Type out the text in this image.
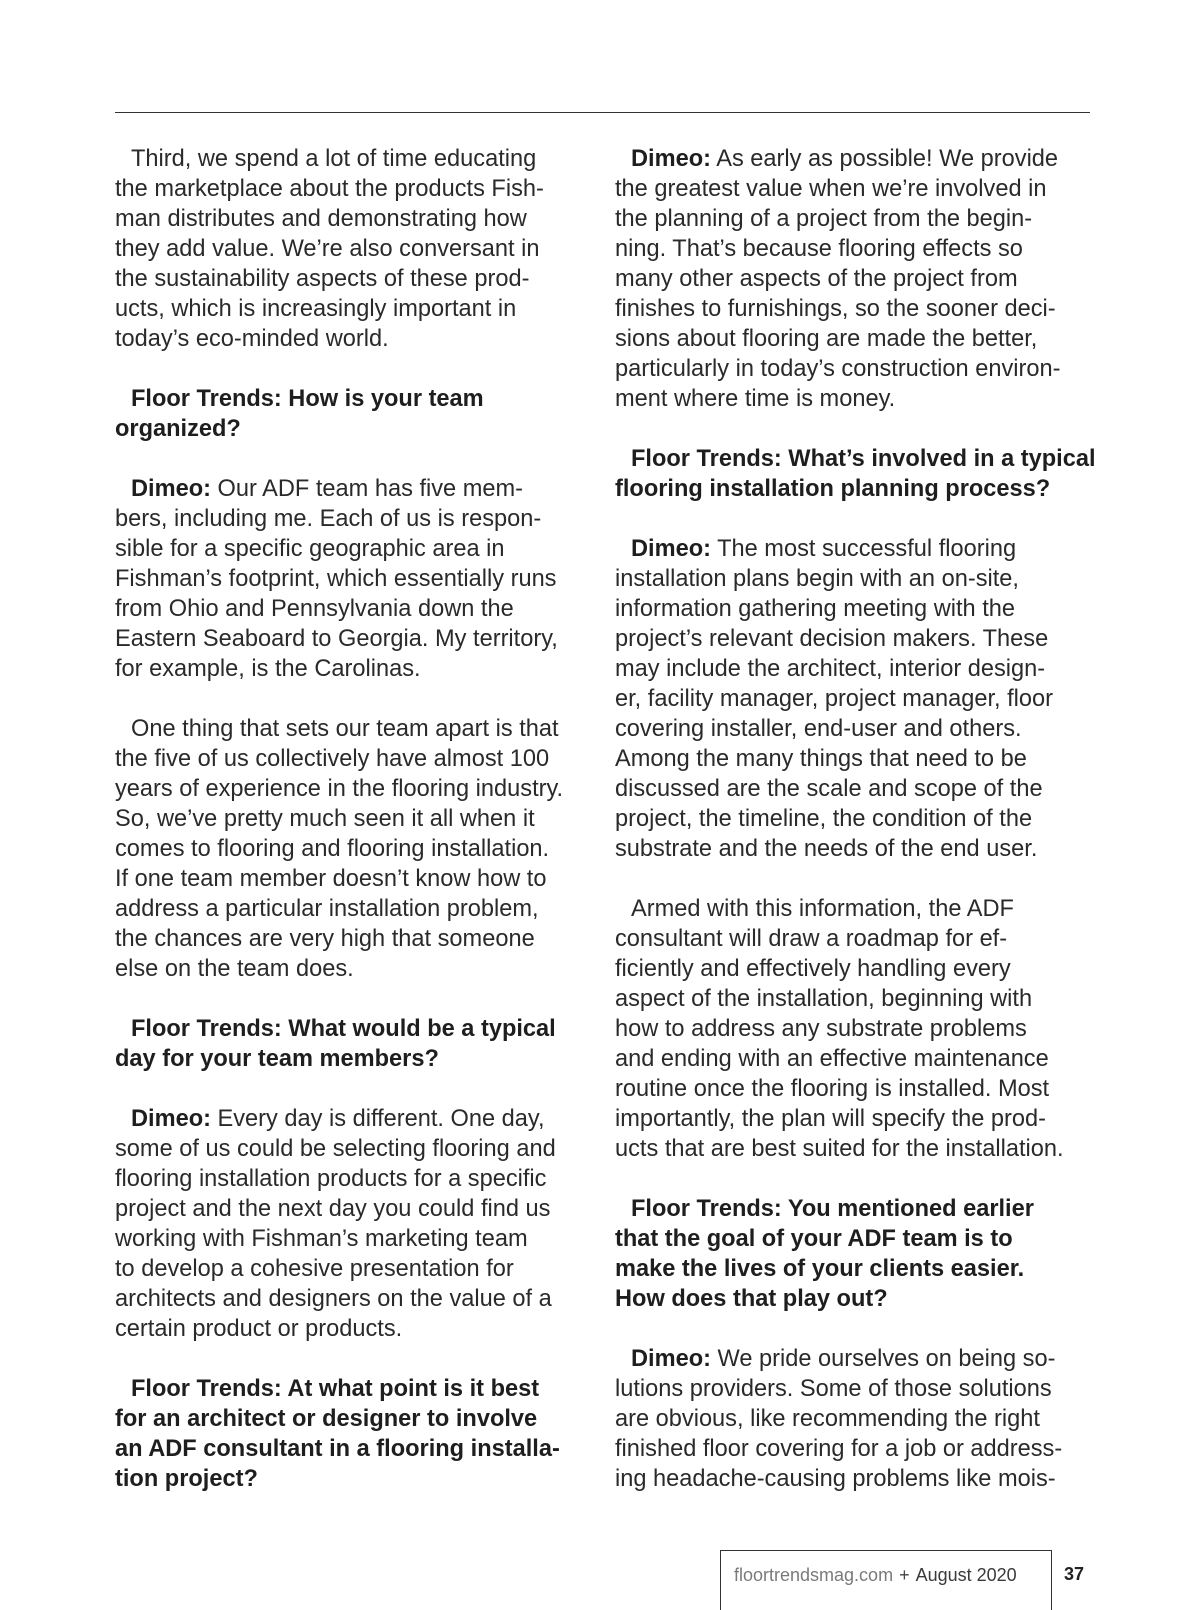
Third, we spend a lot of time educating
the marketplace about the products Fish-
man distributes and demonstrating how
they add value. We’re also conversant in
the sustainability aspects of these prod-
ucts, which is increasingly important in
today’s eco-minded world.
Floor Trends: How is your team
organized?
Dimeo: Our ADF team has five mem-
bers, including me. Each of us is respon-
sible for a specific geographic area in
Fishman’s footprint, which essentially runs
from Ohio and Pennsylvania down the
Eastern Seaboard to Georgia. My territory,
for example, is the Carolinas.
One thing that sets our team apart is that
the five of us collectively have almost 100
years of experience in the flooring industry.
So, we’ve pretty much seen it all when it
comes to flooring and flooring installation.
If one team member doesn’t know how to
address a particular installation problem,
the chances are very high that someone
else on the team does.
Floor Trends: What would be a typical
day for your team members?
Dimeo: Every day is different. One day,
some of us could be selecting flooring and
flooring installation products for a specific
project and the next day you could find us
working with Fishman’s marketing team
to develop a cohesive presentation for
architects and designers on the value of a
certain product or products.
Floor Trends: At what point is it best
for an architect or designer to involve
an ADF consultant in a flooring installa-
tion project?
Dimeo: As early as possible! We provide
the greatest value when we’re involved in
the planning of a project from the begin-
ning. That’s because flooring effects so
many other aspects of the project from
finishes to furnishings, so the sooner deci-
sions about flooring are made the better,
particularly in today’s construction environ-
ment where time is money.
Floor Trends: What’s involved in a typical
flooring installation planning process?
Dimeo: The most successful flooring
installation plans begin with an on-site,
information gathering meeting with the
project’s relevant decision makers. These
may include the architect, interior design-
er, facility manager, project manager, floor
covering installer, end-user and others.
Among the many things that need to be
discussed are the scale and scope of the
project, the timeline, the condition of the
substrate and the needs of the end user.
Armed with this information, the ADF
consultant will draw a roadmap for ef-
ficiently and effectively handling every
aspect of the installation, beginning with
how to address any substrate problems
and ending with an effective maintenance
routine once the flooring is installed. Most
importantly, the plan will specify the prod-
ucts that are best suited for the installation.
Floor Trends: You mentioned earlier
that the goal of your ADF team is to
make the lives of your clients easier.
How does that play out?
Dimeo: We pride ourselves on being so-
lutions providers. Some of those solutions
are obvious, like recommending the right
finished floor covering for a job or address-
ing headache-causing problems like mois-
floortrendsmag.com + August 2020	37
